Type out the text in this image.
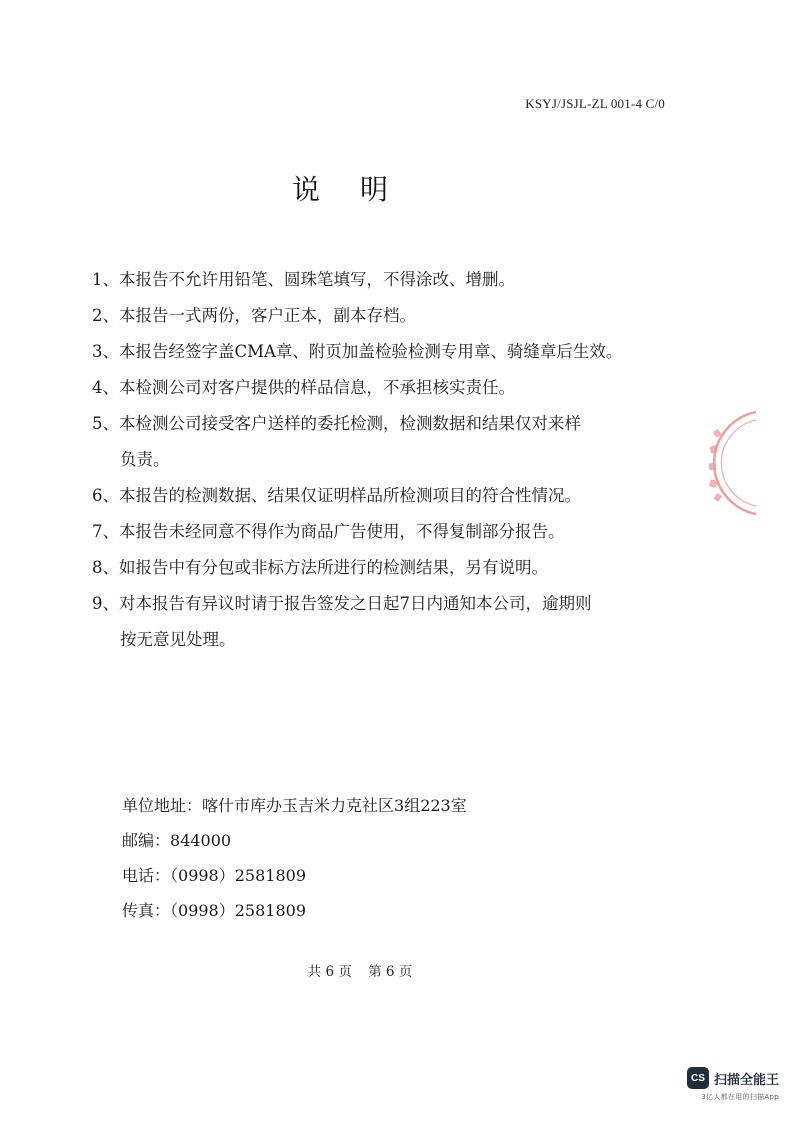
KSYJ/JSJL-ZL 001-4 C/0
说明
1、本报告不允许用铅笔、圆珠笔填写，不得涂改、增删。
2、本报告一式两份，客户正本，副本存档。
3、本报告经签字盖CMA章、附页加盖检验检测专用章、骑缝章后生效。
4、本检测公司对客户提供的样品信息，不承担核实责任。
5、本检测公司接受客户送样的委托检测，检测数据和结果仅对来样
负责。
6、本报告的检测数据、结果仅证明样品所检测项目的符合性情况。
7、本报告未经同意不得作为商品广告使用，不得复制部分报告。
8、如报告中有分包或非标方法所进行的检测结果，另有说明。
9、对本报告有异议时请于报告签发之日起7日内通知本公司，逾期则
按无意见处理。
单位地址：喀什市库办玉吉米力克社区3组223室
邮编：844000
电话：（0998）2581809
传真：（0998）2581809
共 6 页 第 6 页
CS 扫描全能王
3亿人都在用的扫描App
